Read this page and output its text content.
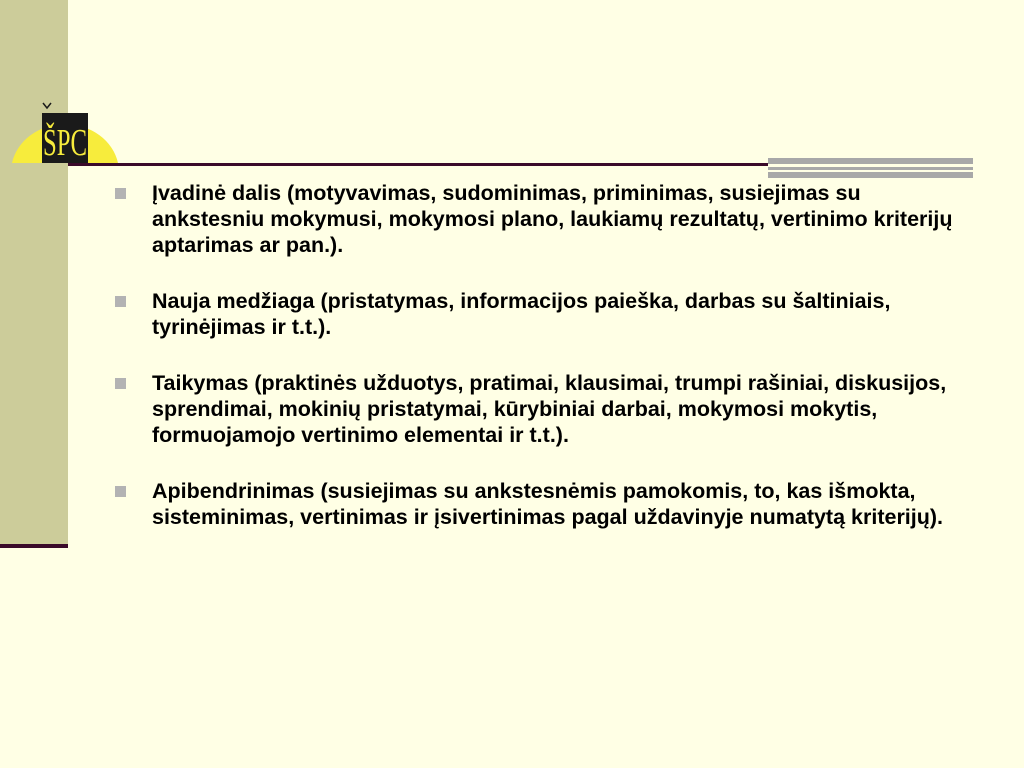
ŠPC
Įvadinė dalis (motyvavimas, sudominimas, priminimas, susiejimas su ankstesniu mokymusi, mokymosi plano, laukiamų rezultatų, vertinimo kriterijų aptarimas ar pan.).
Nauja medžiaga (pristatymas, informacijos paieška, darbas su šaltiniais, tyrinėjimas ir t.t.).
Taikymas (praktinės užduotys, pratimai, klausimai, trumpi rašiniai, diskusijos, sprendimai, mokinių pristatymai, kūrybiniai darbai, mokymosi mokytis, formuojamojo vertinimo elementai ir t.t.).
Apibendrinimas (susiejimas su ankstesnėmis pamokomis, to, kas išmokta, sisteminimas, vertinimas ir įsivertinimas pagal uždavinyje numatytą kriterijų).
